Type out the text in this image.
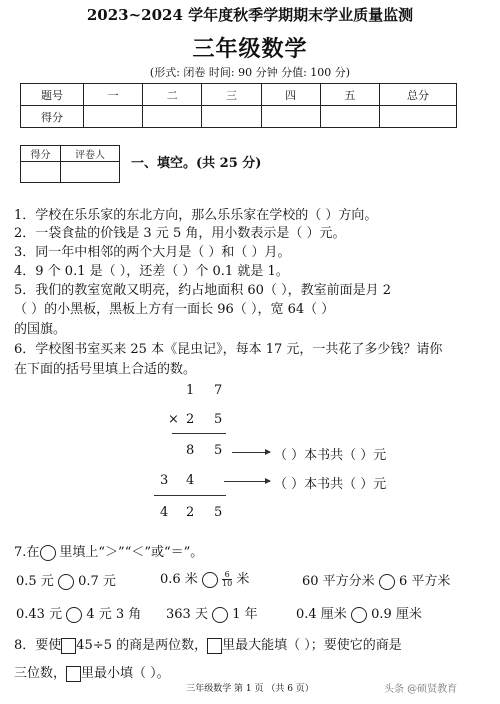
2023~2024 学年度秋季学期期末学业质量监测
三年级数学
(形式: 闭卷 时间: 90 分钟 分值: 100 分)
题号	一	二	三	四	五	总分
得分						
得分	评卷人

一、填空。(共 25 分)
1．学校在乐乐家的东北方向，那么乐乐家在学校的（ ）方向。
2．一袋食盐的价钱是 3 元 5 角，用小数表示是（ ）元。
3．同一年中相邻的两个大月是（ ）和（ ）月。
4．9 个 0.1 是（ ），还差（ ）个 0.1 就是 1。
5．我们的教室宽敞又明亮，约占地面积 60（ ），教室前面是月 2
（ ）的小黑板，黑板上方有一面长 96（ ），宽 64（ ）
的国旗。
6．学校图书室买来 25 本《昆虫记》，每本 17 元，一共花了多少钱？请你
在下面的括号里填上合适的数。
1 7
× 2 5
8 5	（ ）本书共（ ）元
3 4	（ ）本书共（ ）元
4 2 5
7.在 里填上“＞”“＜”或“＝”。
0.5 元 0.7 元	0.6 米	$\frac{6}{10}$ 米	60 平方分米 6 平方米
0.43 元 4 元 3 角 363 天 1 年	0.4 厘米 0.9 厘米
8．要使 45÷5 的商是两位数， 里最大能填（ ）；要使它的商是
三位数， 里最小填（ ）。
三年级数学 第 1 页 （共 6 页）	头条 @硕贤教育
